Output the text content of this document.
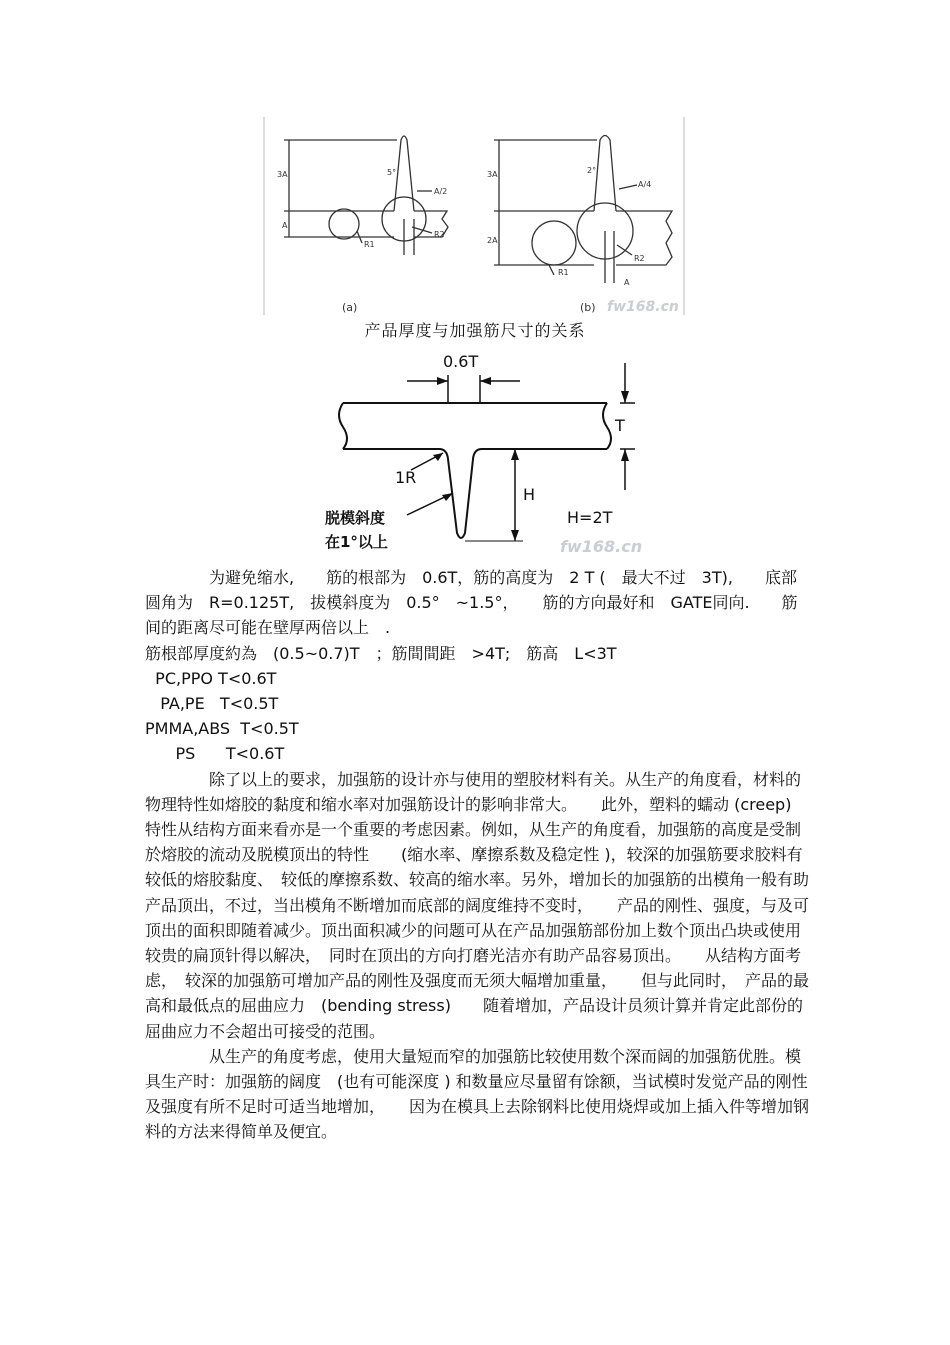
3A	5°
A/2
A
R1
R2
(a)
3A	2°
A/4
2A
R1
R2
A
(b) fw168.cn
产品厚度与加强筋尺寸的关系
0.6T
T
1R
H
H=2T
脱模斜度
在1°以上	fw168.cn

为避免缩水,　　筋的根部为　0.6T，筋的高度为　2 T (　最大不过　3T),　　底部圆角为　R=0.125T,　拔模斜度为　0.5°　~1.5°，　　筋的方向最好和　GATE同向.　　筋间的距离尽可能在壁厚两倍以上　.

筋根部厚度約為　(0.5~0.7)T　；筋間間距　>4T;　筋高　L<3T

PC,PPO T<0.6T

PA,PE   T<0.5T

PMMA,ABS  T<0.5T

PS      T<0.6T

除了以上的要求，加强筋的设计亦与使用的塑胶材料有关。从生产的角度看，材料的物理特性如熔胶的黏度和缩水率对加强筋设计的影响非常大。　　此外，塑料的蠕动 (creep) 特性从结构方面来看亦是一个重要的考虑因素。例如，从生产的角度看，加强筋的高度是受制於熔胶的流动及脱模顶出的特性　　(缩水率、摩擦系数及稳定性 )，较深的加强筋要求胶料有较低的熔胶黏度、　较低的摩擦系数、较高的缩水率。另外，增加长的加强筋的出模角一般有助产品顶出，不过，当出模角不断增加而底部的阔度维持不变时，　　产品的刚性、强度，与及可顶出的面积即随着减少。顶出面积减少的问题可从在产品加强筋部份加上数个顶出凸块或使用较贵的扁顶针得以解决，　同时在顶出的方向打磨光洁亦有助产品容易顶出。　　从结构方面考虑，　较深的加强筋可增加产品的刚性及强度而无须大幅增加重量，　　但与此同时，　产品的最高和最低点的屈曲应力　(bending stress)　　随着增加，产品设计员须计算并肯定此部份的屈曲应力不会超出可接受的范围。

从生产的角度考虑，使用大量短而窄的加强筋比较使用数个深而阔的加强筋优胜。模具生产时：加强筋的阔度　(也有可能深度 ) 和数量应尽量留有馀额，当试模时发觉产品的刚性及强度有所不足时可适当地增加，　　因为在模具上去除钢料比使用烧焊或加上插入件等增加钢料的方法来得简单及便宜。
